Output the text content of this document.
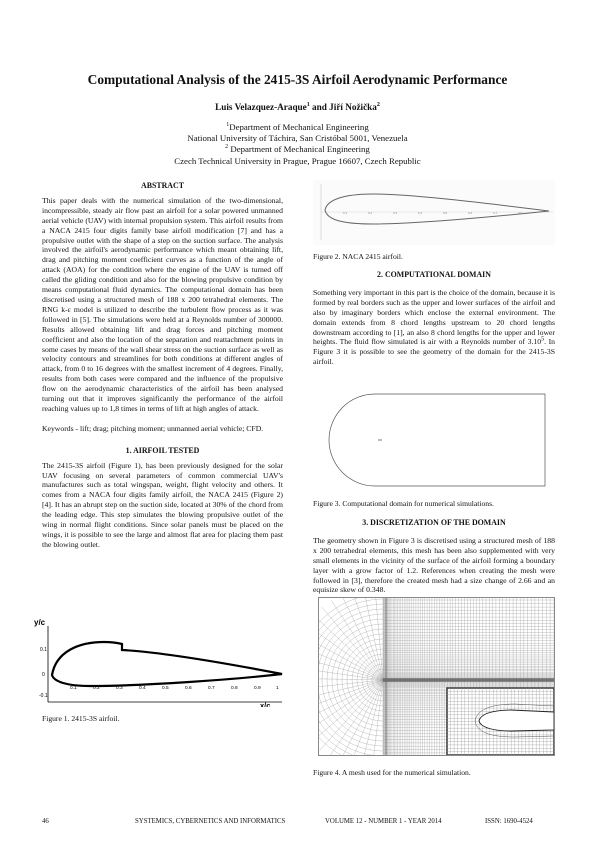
Computational Analysis of the 2415-3S Airfoil Aerodynamic Performance
Luis Velazquez-Araque$^1$ and Jiří Nožička$^2$
$^1$Department of Mechanical Engineering
National University of Táchira, San Cristóbal 5001, Venezuela
$^2$ Department of Mechanical Engineering
Czech Technical University in Prague, Prague 16607, Czech Republic

ABSTRACT

This paper deals with the numerical simulation of the two-dimensional, incompressible, steady air flow past an airfoil for a solar powered unmanned aerial vehicle (UAV) with internal propulsion system. This airfoil results from a NACA 2415 four digits family base airfoil modification [7] and has a propulsive outlet with the shape of a step on the suction surface. The analysis involved the airfoil's aerodynamic performance which meant obtaining lift, drag and pitching moment coefficient curves as a function of the angle of attack (AOA) for the condition where the engine of the UAV is turned off called the gliding condition and also for the blowing propulsive condition by means computational fluid dynamics. The computational domain has been discretised using a structured mesh of 188 x 200 tetrahedral elements. The RNG k-ε model is utilized to describe the turbulent flow process as it was followed in [5]. The simulations were held at a Reynolds number of 300000. Results allowed obtaining lift and drag forces and pitching moment coefficient and also the location of the separation and reattachment points in some cases by means of the wall shear stress on the suction surface as well as velocity contours and streamlines for both conditions at different angles of attack, from 0 to 16 degrees with the smallest increment of 4 degrees. Finally, results from both cases were compared and the influence of the propulsive flow on the aerodynamic characteristics of the airfoil has been analysed turning out that it improves significantly the performance of the airfoil reaching values up to 1,8 times in terms of lift at high angles of attack.

Keywords - lift; drag; pitching moment; unmanned aerial vehicle; CFD.

1. AIRFOIL TESTED

The 2415-3S airfoil (Figure 1), has been previously designed for the solar UAV focusing on several parameters of common commercial UAV's manufactures such as total wingspan, weight, flight velocity and others. It comes from a NACA four digits family airfoil, the NACA 2415 (Figure 2) [4]. It has an abrupt step on the suction side, located at 30% of the chord from the leading edge. This step simulates the blowing propulsive outlet of the wing in normal flight conditions. Since solar panels must be placed on the wings, it is possible to see the large and almost flat area for placing them past the blowing outlet.

y/c
x/c
0.1
0
-0.1
0.1	0.2	0.3	0.4	0.5	0.6	0.7	0.8	0.9	1

Figure 1. 2415-3S airfoil.

0.1	0.2	0.3	0.4	0.5	0.6	0.7	0.8

Figure 2. NACA 2415 airfoil.

2. COMPUTATIONAL DOMAIN

Something very important in this part is the choice of the domain, because it is formed by real borders such as the upper and lower surfaces of the airfoil and also by imaginary borders which enclose the external environment. The domain extends from 8 chord lengths upstream to 20 chord lengths downstream according to [1], an also 8 chord lengths for the upper and lower heights. The fluid flow simulated is air with a Reynolds number of 3.10$^5$. In Figure 3 it is possible to see the geometry of the domain for the 2415-3S airfoil.

Figure 3. Computational domain for numerical simulations.

3. DISCRETIZATION OF THE DOMAIN

The geometry shown in Figure 3 is discretised using a structured mesh of 188 x 200 tetrahedral elements, this mesh has been also supplemented with very small elements in the vicinity of the surface of the airfoil forming a boundary layer with a grow factor of 1.2. References when creating the mesh were followed in [3], therefore the created mesh had a size change of 2.66 and an equisize skew of 0.348.

Figure 4. A mesh used for the numerical simulation.

46	SYSTEMICS, CYBERNETICS AND INFORMATICS	VOLUME 12 - NUMBER 1 - YEAR 2014	ISSN: 1690-4524
